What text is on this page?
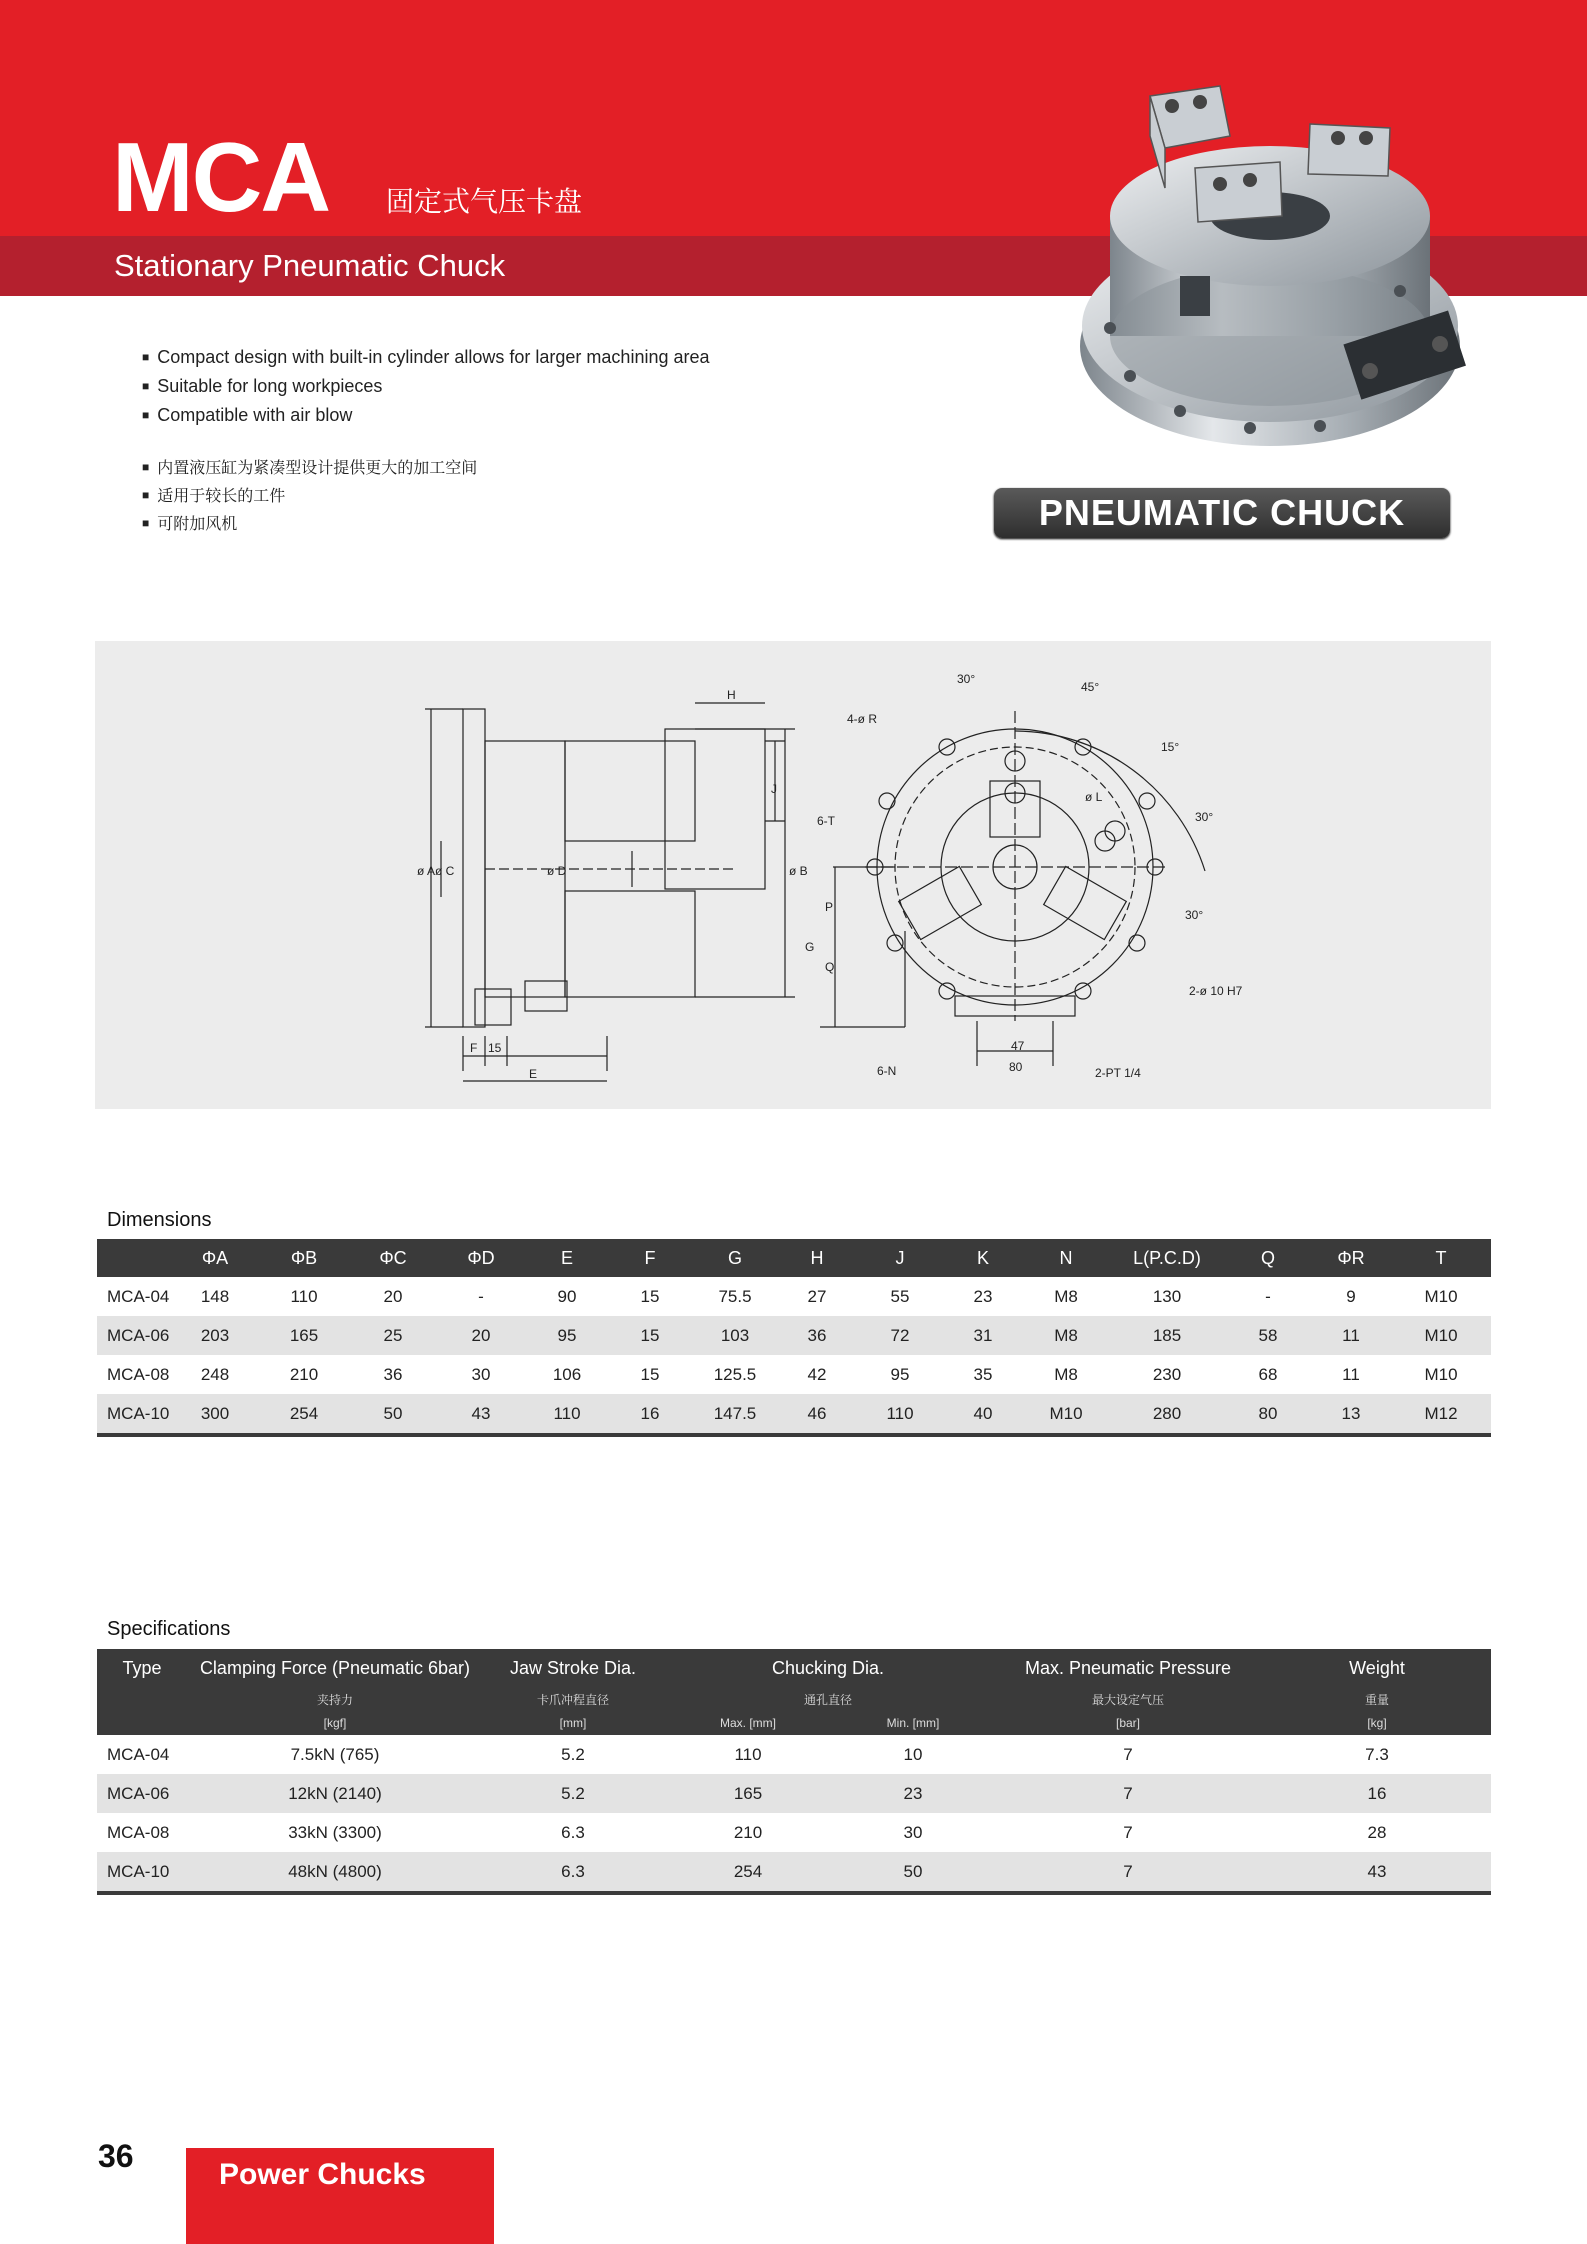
MCA 固定式气压卡盘
Stationary Pneumatic Chuck
PNEUMATIC CHUCK
■ Compact design with built-in cylinder allows for larger machining area
■ Suitable for long workpieces
■ Compatible with air blow
■ 内置液压缸为紧凑型设计提供更大的加工空间
■ 适用于较长的工件
■ 可附加风机
H
J
ø A ø C	ø D	ø B
F 15
E
4-ø R
30°
45°
15°
30°
30°
6-T
ø L
P
G
Q
2-ø 10 H7
47
80
6-N	2-PT 1/4
Dimensions
	ΦA	ΦB	ΦC	ΦD	E	F	G	H	J	K	N	L(P.C.D)	Q	ΦR	T
MCA-04	148	110	20	-	90	15	75.5	27	55	23	M8	130	-	9	M10
MCA-06	203	165	25	20	95	15	103	36	72	31	M8	185	58	11	M10
MCA-08	248	210	36	30	106	15	125.5	42	95	35	M8	230	68	11	M10
MCA-10	300	254	50	43	110	16	147.5	46	110	40	M10	280	80	13	M12
Specifications
Type	Clamping Force (Pneumatic 6bar)	Jaw Stroke Dia.	Chucking Dia.		Max. Pneumatic Pressure	Weight
	夹持力	卡爪冲程直径	通孔直径		最大设定气压	重量
	[kgf]	[mm]	Max. [mm]	Min. [mm]	[bar]	[kg]
MCA-04	7.5kN (765)	5.2	110	10	7	7.3
MCA-06	12kN (2140)	5.2	165	23	7	16
MCA-08	33kN (3300)	6.3	210	30	7	28
MCA-10	48kN (4800)	6.3	254	50	7	43
36
Power Chucks
